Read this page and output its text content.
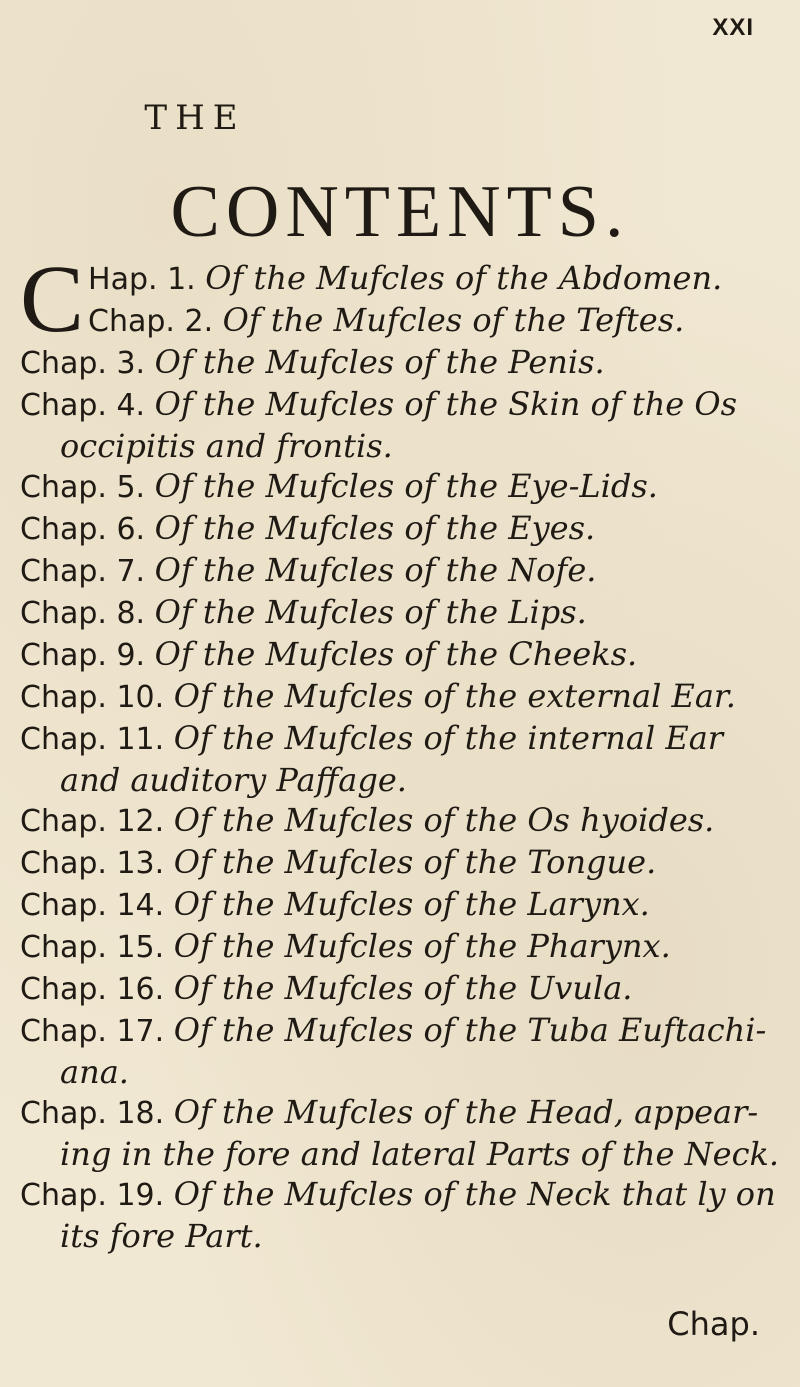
XXI
THE
CONTENTS.
C Hap. 1. Of the Mufcles of the Abdomen.
Chap. 2. Of the Mufcles of the Teftes.
Chap. 3. Of the Mufcles of the Penis.
Chap. 4. Of the Mufcles of the Skin of the Os
occipitis and frontis.
Chap. 5. Of the Mufcles of the Eye-Lids.
Chap. 6. Of the Mufcles of the Eyes.
Chap. 7. Of the Mufcles of the Nofe.
Chap. 8. Of the Mufcles of the Lips.
Chap. 9. Of the Mufcles of the Cheeks.
Chap. 10. Of the Mufcles of the external Ear.
Chap. 11. Of the Mufcles of the internal Ear
and auditory Paffage.
Chap. 12. Of the Mufcles of the Os hyoides.
Chap. 13. Of the Mufcles of the Tongue.
Chap. 14. Of the Mufcles of the Larynx.
Chap. 15. Of the Mufcles of the Pharynx.
Chap. 16. Of the Mufcles of the Uvula.
Chap. 17. Of the Mufcles of the Tuba Euftachi-
ana.
Chap. 18. Of the Mufcles of the Head, appear-
ing in the fore and lateral Parts of the Neck.
Chap. 19. Of the Mufcles of the Neck that ly on
its fore Part.
Chap.
